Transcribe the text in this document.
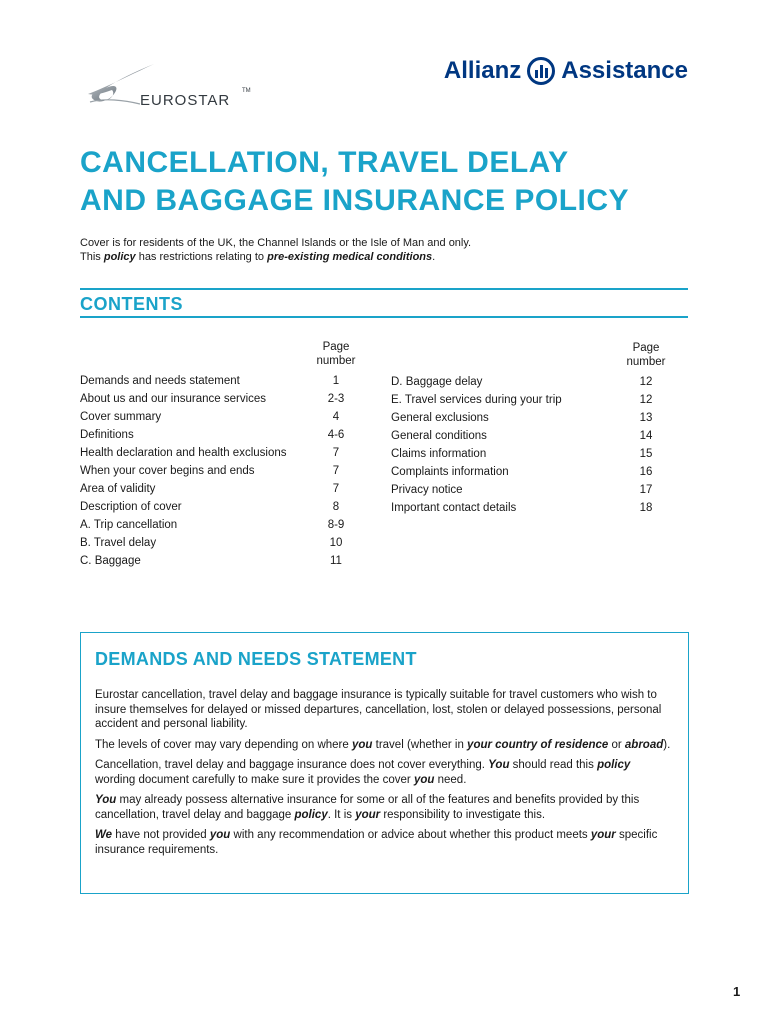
EUROSTAR
TM
Allianz Assistance
CANCELLATION, TRAVEL DELAY
AND BAGGAGE INSURANCE POLICY
Cover is for residents of the UK, the Channel Islands or the Isle of Man and only.
This policy has restrictions relating to pre-existing medical conditions.
CONTENTS
Page
number
Demands and needs statement	1
About us and our insurance services	2-3
Cover summary	4
Definitions	4-6
Health declaration and health exclusions	7
When your cover begins and ends	7
Area of validity	7
Description of cover	8
A. Trip cancellation	8-9
B. Travel delay	10
C. Baggage	11
Page
number
D. Baggage delay	12
E. Travel services during your trip	12
General exclusions	13
General conditions	14
Claims information	15
Complaints information	16
Privacy notice	17
Important contact details	18
DEMANDS AND NEEDS STATEMENT

Eurostar cancellation, travel delay and baggage insurance is typically suitable for travel customers who wish to insure themselves for delayed or missed departures, cancellation, lost, stolen or delayed possessions, personal accident and personal liability.

The levels of cover may vary depending on where you travel (whether in your country of residence or abroad).

Cancellation, travel delay and baggage insurance does not cover everything. You should read this policy wording document carefully to make sure it provides the cover you need.

You may already possess alternative insurance for some or all of the features and benefits provided by this cancellation, travel delay and baggage policy. It is your responsibility to investigate this.

We have not provided you with any recommendation or advice about whether this product meets your specific insurance requirements.

1
